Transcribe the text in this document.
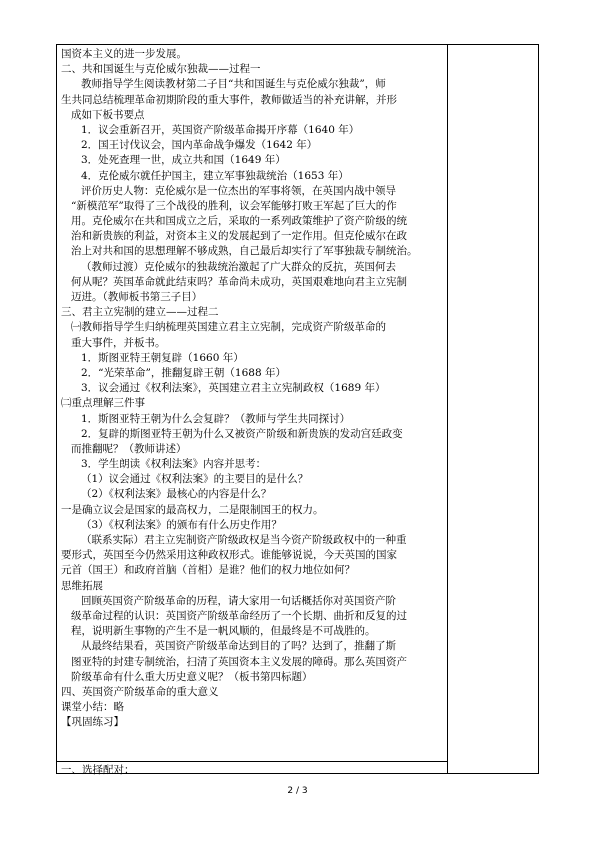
国资本主义的进一步发展。
二、共和国诞生与克伦威尔独裁——过程一
教师指导学生阅读教材第二子目“共和国诞生与克伦威尔独裁”，师
生共同总结梳理革命初期阶段的重大事件，教师做适当的补充讲解，并形
成如下板书要点
1．议会重新召开，英国资产阶级革命揭开序幕（1640 年）
2．国王讨伐议会，国内革命战争爆发（1642 年）
3．处死查理一世，成立共和国（1649 年）
4．克伦威尔就任护国主，建立军事独裁统治（1653 年）
评价历史人物：克伦威尔是一位杰出的军事将领，在英国内战中领导
“新模范军”取得了三个战役的胜利，议会军能够打败王军起了巨大的作
用。克伦威尔在共和国成立之后，采取的一系列政策维护了资产阶级的统
治和新贵族的利益，对资本主义的发展起到了一定作用。但克伦威尔在政
治上对共和国的思想理解不够成熟，自己最后却实行了军事独裁专制统治。
（教师过渡）克伦威尔的独裁统治激起了广大群众的反抗，英国何去
何从呢？英国革命就此结束吗？革命尚未成功，英国艰难地向君主立宪制
迈进。（教师板书第三子目）
三、君主立宪制的建立——过程二
㈠教师指导学生归纳梳理英国建立君主立宪制，完成资产阶级革命的
重大事件，并板书。
1．斯图亚特王朝复辟（1660 年）
2．“光荣革命”，推翻复辟王朝（1688 年）
3．议会通过《权利法案》，英国建立君主立宪制政权（1689 年）
㈡重点理解三件事
1．斯图亚特王朝为什么会复辟？（教师与学生共同探讨）
2．复辟的斯图亚特王朝为什么又被资产阶级和新贵族的发动宫廷政变
而推翻呢？（教师讲述）
3．学生朗读《权利法案》内容并思考：
（1）议会通过《权利法案》的主要目的是什么？
（2）《权利法案》最核心的内容是什么？
一是确立议会是国家的最高权力，二是限制国王的权力。
（3）《权利法案》的颁布有什么历史作用？
（联系实际）君主立宪制资产阶级政权是当今资产阶级政权中的一种重
要形式，英国至今仍然采用这种政权形式。谁能够说说，今天英国的国家
元首（国王）和政府首脑（首相）是谁？他们的权力地位如何？
思维拓展
回顾英国资产阶级革命的历程，请大家用一句话概括你对英国资产阶
级革命过程的认识：英国资产阶级革命经历了一个长期、曲折和反复的过
程，说明新生事物的产生不是一帆风顺的，但最终是不可战胜的。
从最终结果看，英国资产阶级革命达到目的了吗？达到了，推翻了斯
图亚特的封建专制统治，扫清了英国资本主义发展的障碍。那么英国资产
阶级革命有什么重大历史意义呢？（板书第四标题）
四、英国资产阶级革命的重大意义
课堂小结：略
【巩固练习】
一、选择配对：
2 / 3
